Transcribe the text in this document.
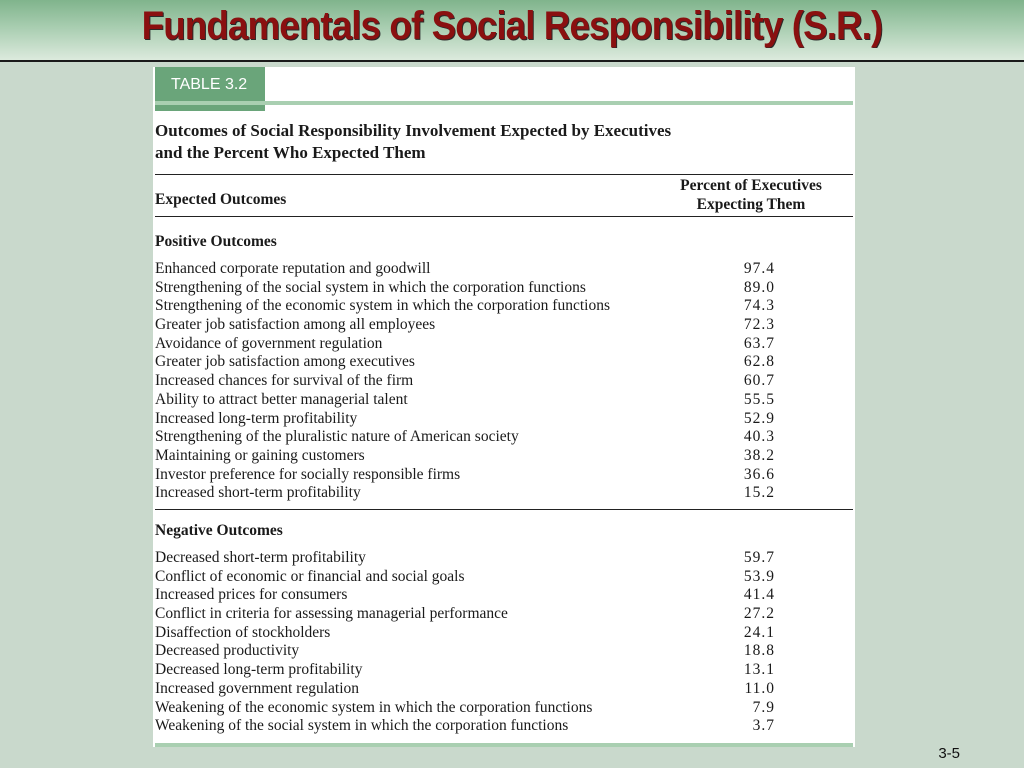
Fundamentals of Social Responsibility (S.R.)
TABLE 3.2
Outcomes of Social Responsibility Involvement Expected by Executives
and the Percent Who Expected Them
Expected Outcomes
Percent of Executives
Expecting Them
Positive Outcomes
Enhanced corporate reputation and goodwill	97.4
Strengthening of the social system in which the corporation functions	89.0
Strengthening of the economic system in which the corporation functions	74.3
Greater job satisfaction among all employees	72.3
Avoidance of government regulation	63.7
Greater job satisfaction among executives	62.8
Increased chances for survival of the firm	60.7
Ability to attract better managerial talent	55.5
Increased long-term profitability	52.9
Strengthening of the pluralistic nature of American society	40.3
Maintaining or gaining customers	38.2
Investor preference for socially responsible firms	36.6
Increased short-term profitability	15.2
Negative Outcomes
Decreased short-term profitability	59.7
Conflict of economic or financial and social goals	53.9
Increased prices for consumers	41.4
Conflict in criteria for assessing managerial performance	27.2
Disaffection of stockholders	24.1
Decreased productivity	18.8
Decreased long-term profitability	13.1
Increased government regulation	11.0
Weakening of the economic system in which the corporation functions	7.9
Weakening of the social system in which the corporation functions	3.7
3-5
